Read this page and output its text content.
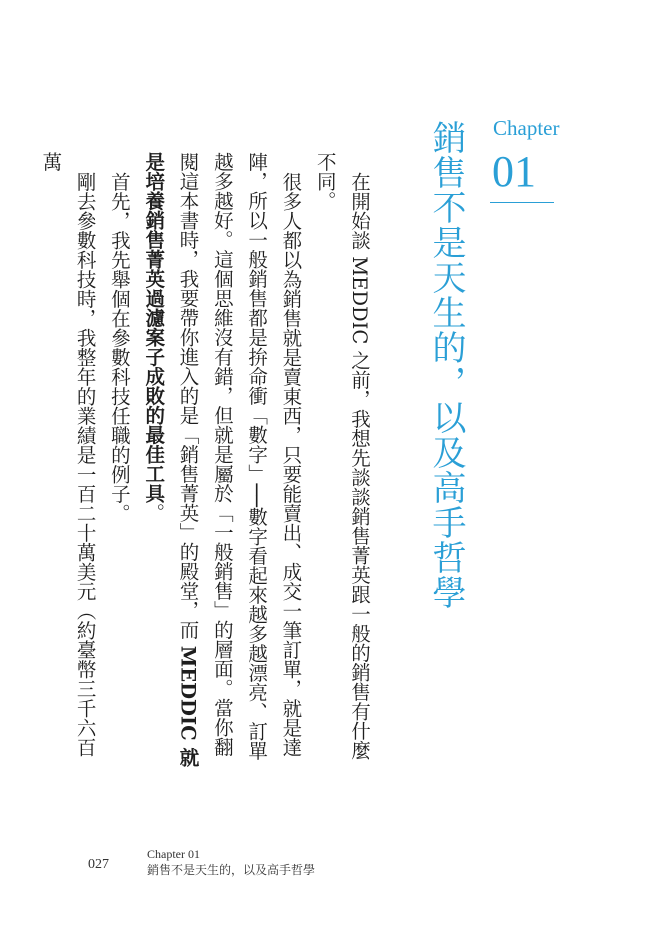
Chapter
01
銷售不是天生的，以及高手哲學

在開始談 MEDDIC 之前，我想先談談銷售菁英跟一般的銷售有什麼不同。

很多人都以為銷售就是賣東西，只要能賣出、成交一筆訂單，就是達陣，所以一般銷售都是拚命衝「數字」──數字看起來越多越漂亮、訂單越多越好。這個思維沒有錯，但就是屬於「一般銷售」的層面。當你翻閱這本書時，我要帶你進入的是「銷售菁英」的殿堂，而 MEDDIC 就是培養銷售菁英過濾案子成敗的最佳工具。

首先，我先舉個在參數科技任職的例子。

剛去參數科技時，我整年的業績是一百二十萬美元（約臺幣三千六百萬

027
Chapter 01
銷售不是天生的，以及高手哲學
